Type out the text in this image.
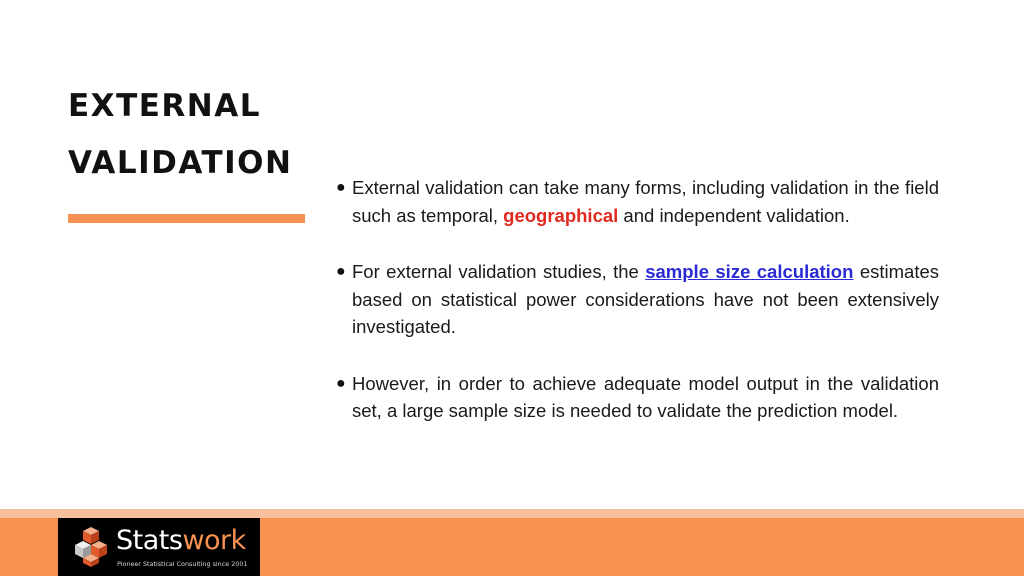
EXTERNAL
VALIDATION
● External validation can take many forms, including validation in the field such as temporal, geographical and independent validation.
● For external validation studies, the sample size calculation estimates based on statistical power considerations have not been extensively investigated.
● However, in order to achieve adequate model output in the validation set, a large sample size is needed to validate the prediction model.
Statswork
Pioneer Statistical Consulting since 2001
